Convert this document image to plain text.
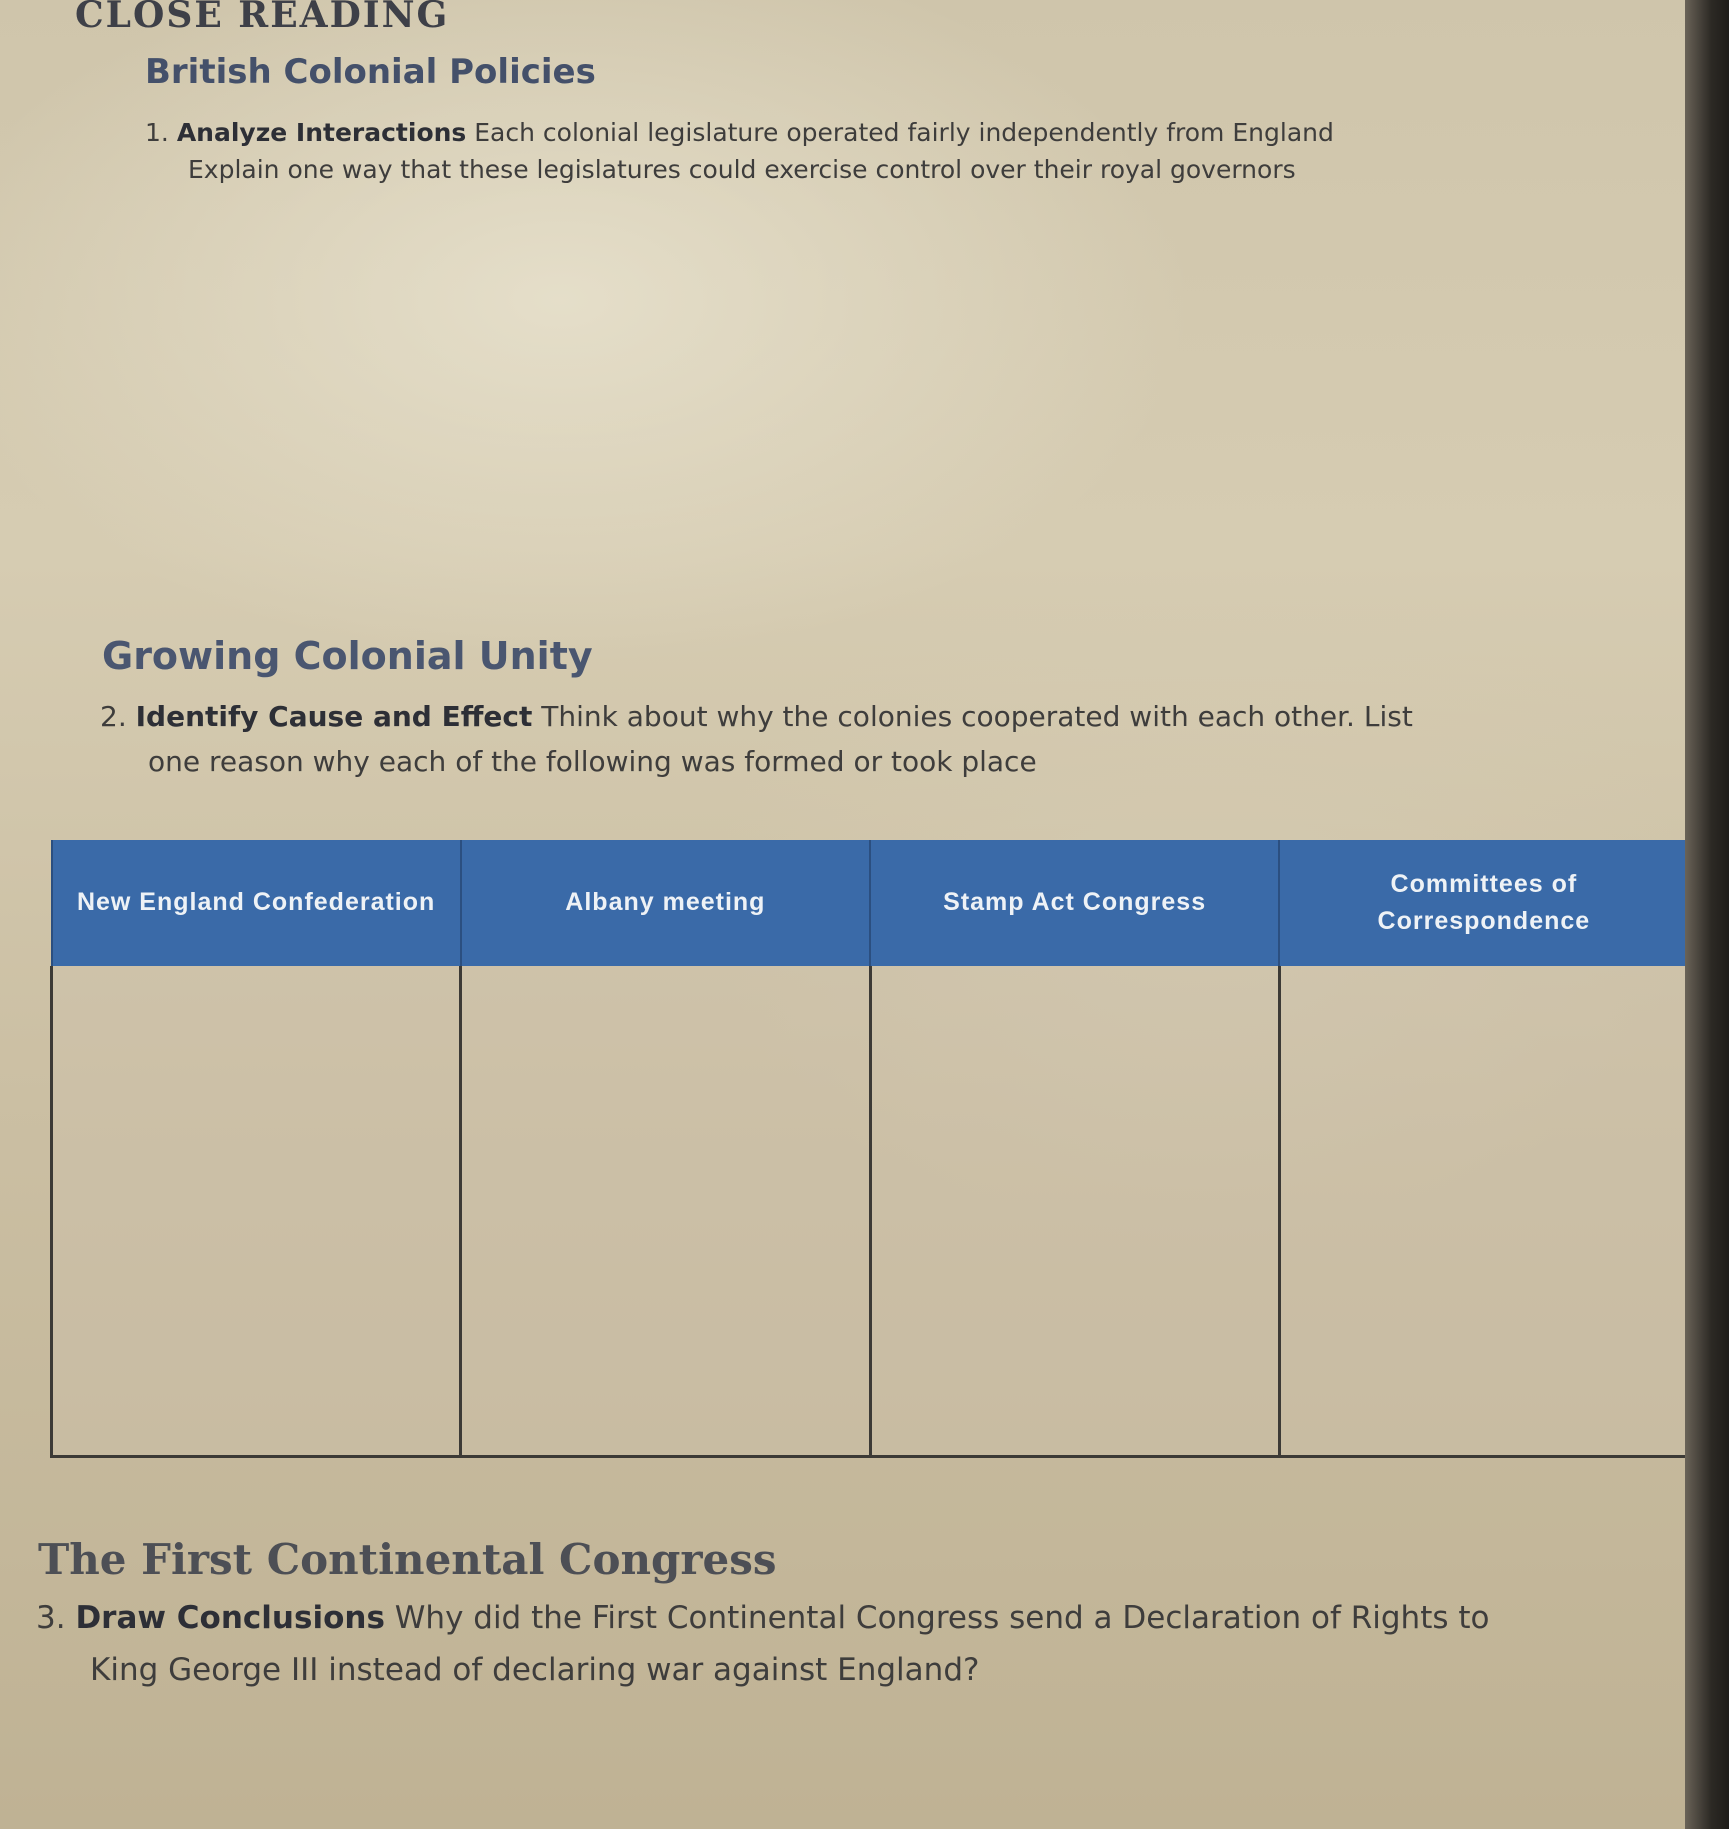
CLOSE READING
British Colonial Policies
1. Analyze Interactions Each colonial legislature operated fairly independently from England
Explain one way that these legislatures could exercise control over their royal governors
Growing Colonial Unity
2. Identify Cause and Effect Think about why the colonies cooperated with each other. List
one reason why each of the following was formed or took place
New England Confederation	Albany meeting	Stamp Act Congress	Committees of Correspondence

The First Continental Congress
3. Draw Conclusions Why did the First Continental Congress send a Declaration of Rights to
King George III instead of declaring war against England?
